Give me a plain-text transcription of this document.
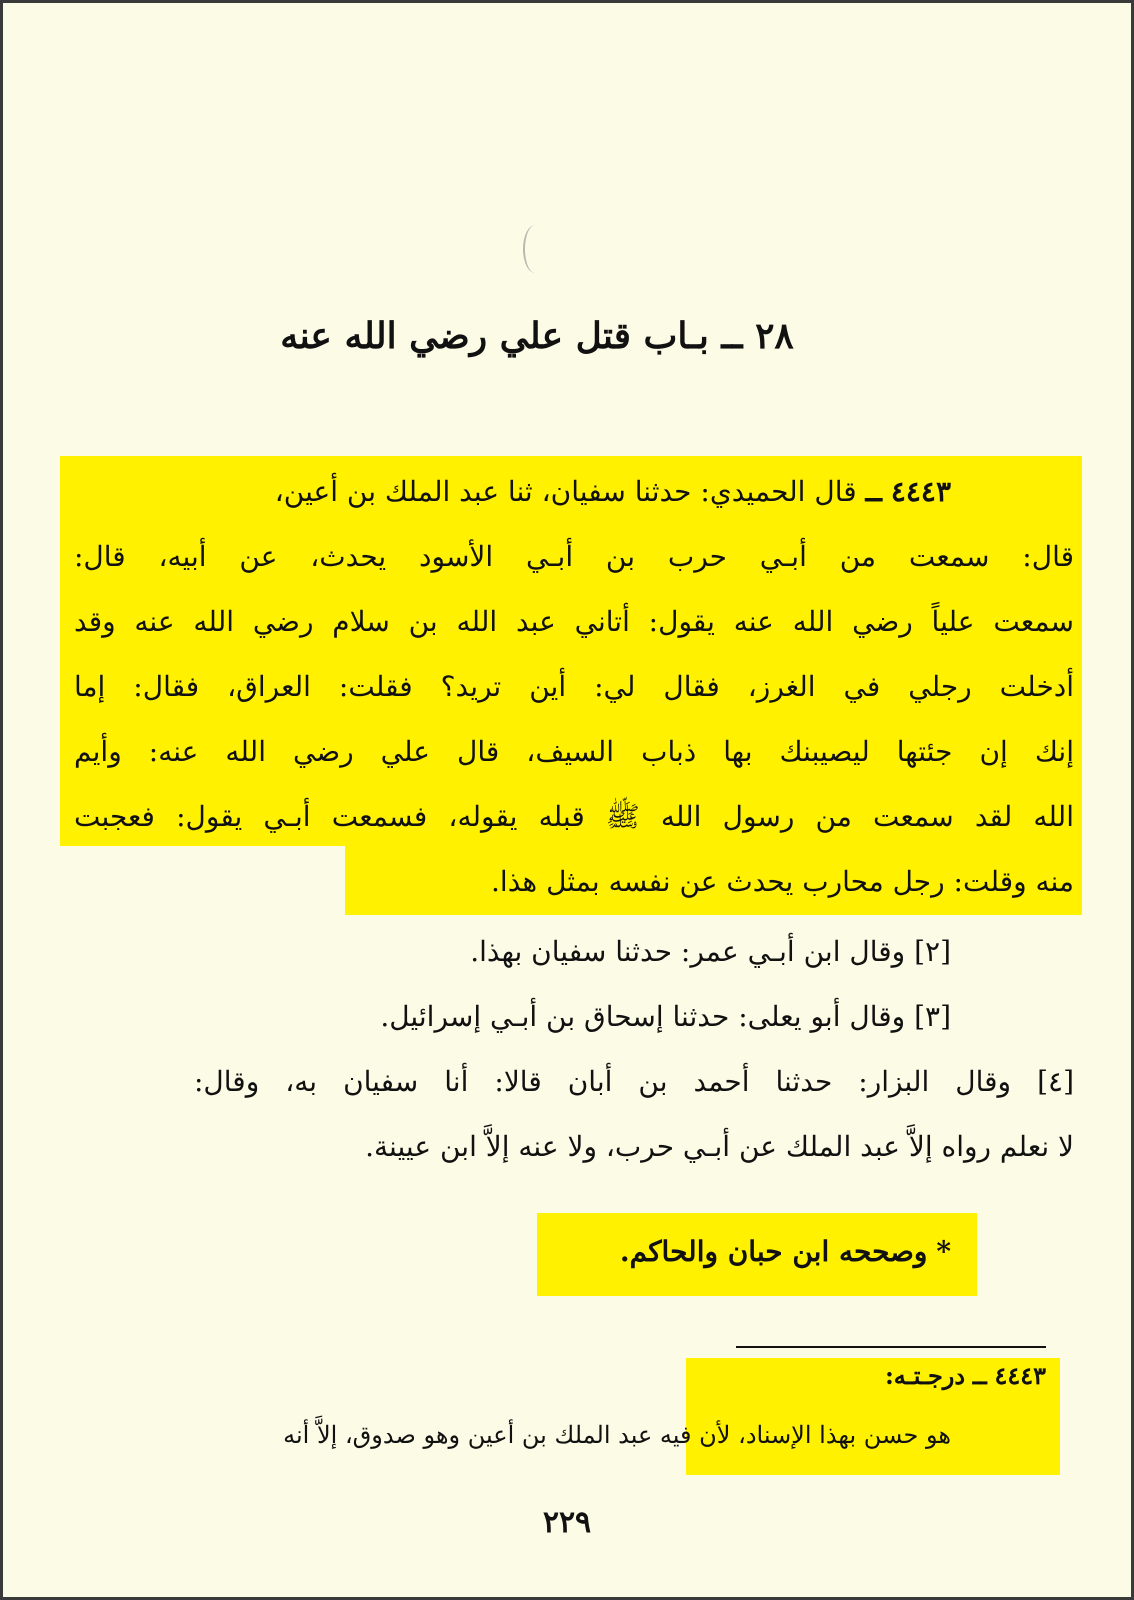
٢٨ ــ بـاب قتل علي رضي الله عنه
٤٤٤٣ ــ قال الحميدي: حدثنا سفيان، ثنا عبد الملك بن أعين،
قال: سمعت من أبـي حرب بن أبـي الأسود يحدث، عن أبيه، قال:
سمعت علياً رضي الله عنه يقول: أتاني عبد الله بن سلام رضي الله عنه وقد
أدخلت رجلي في الغرز، فقال لي: أين تريد؟ فقلت: العراق، فقال: إما
إنك إن جئتها ليصيبنك بها ذباب السيف، قال علي رضي الله عنه: وأيم
الله لقد سمعت من رسول الله ﷺ قبله يقوله، فسمعت أبـي يقول: فعجبت
منه وقلت: رجل محارب يحدث عن نفسه بمثل هذا.
[٢] وقال ابن أبـي عمر: حدثنا سفيان بهذا.
[٣] وقال أبو يعلى: حدثنا إسحاق بن أبـي إسرائيل.
[٤] وقال البزار: حدثنا أحمد بن أبان قالا: أنا سفيان به، وقال:
لا نعلم رواه إلاَّ عبد الملك عن أبـي حرب، ولا عنه إلاَّ ابن عيينة.
* وصححه ابن حبان والحاكم.
٤٤٤٣ ــ درجـتـه:
هو حسن بهذا الإسناد، لأن فيه عبد الملك بن أعين وهو صدوق، إلاَّ أنه
٢٢٩
